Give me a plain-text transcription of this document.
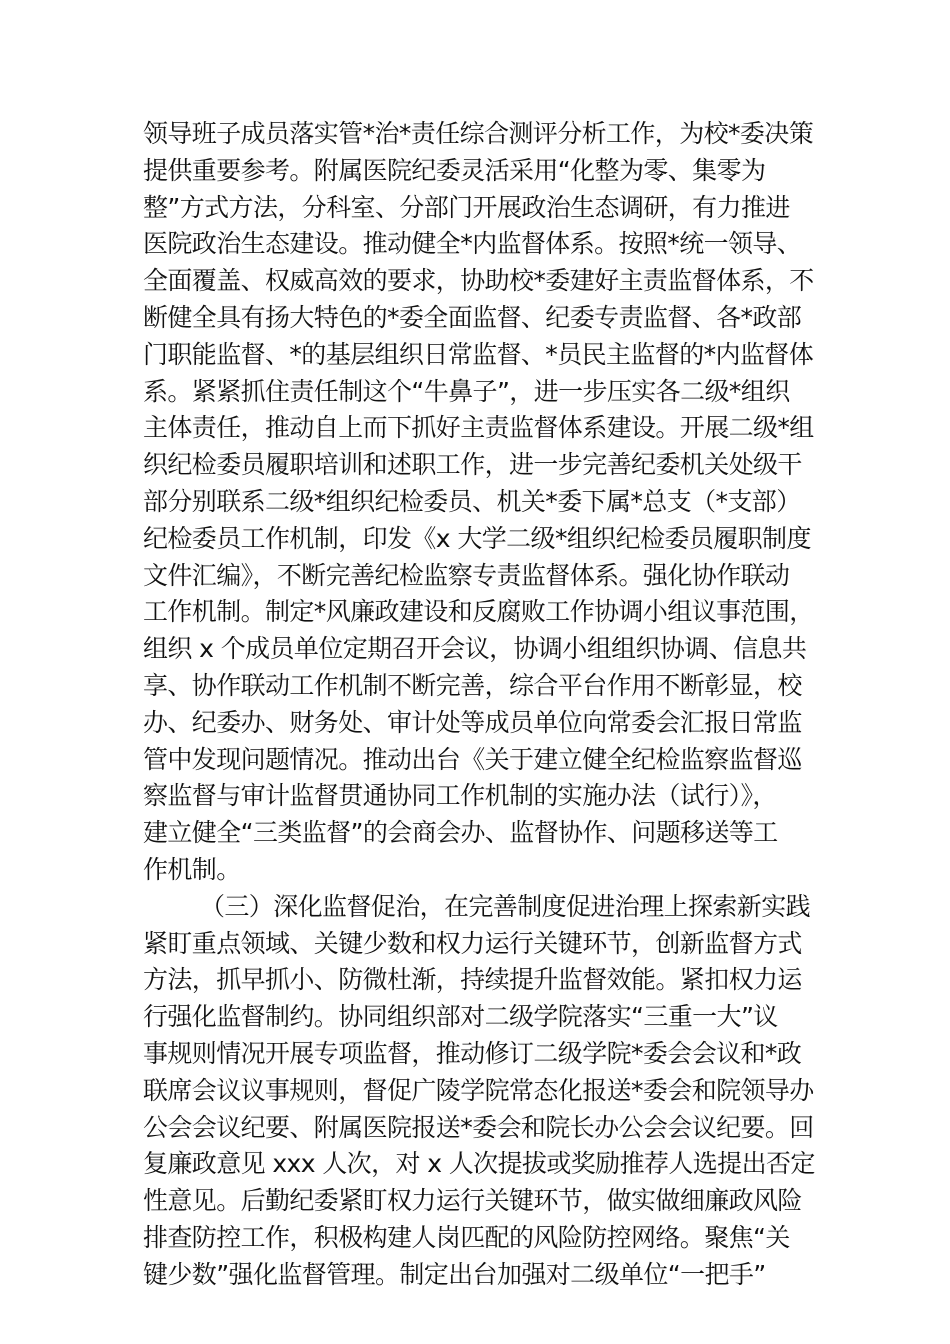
领导班子成员落实管*治*责任综合测评分析工作，为校*委决策
提供重要参考。附属医院纪委灵活采用“化整为零、集零为
整”方式方法，分科室、分部门开展政治生态调研，有力推进
医院政治生态建设。推动健全*内监督体系。按照*统一领导、
全面覆盖、权威高效的要求，协助校*委建好主责监督体系，不
断健全具有扬大特色的*委全面监督、纪委专责监督、各*政部
门职能监督、*的基层组织日常监督、*员民主监督的*内监督体
系。紧紧抓住责任制这个“牛鼻子”，进一步压实各二级*组织
主体责任，推动自上而下抓好主责监督体系建设。开展二级*组
织纪检委员履职培训和述职工作，进一步完善纪委机关处级干
部分别联系二级*组织纪检委员、机关*委下属*总支（*支部）
纪检委员工作机制，印发《x 大学二级*组织纪检委员履职制度
文件汇编》，不断完善纪检监察专责监督体系。强化协作联动
工作机制。制定*风廉政建设和反腐败工作协调小组议事范围，
组织 x 个成员单位定期召开会议，协调小组组织协调、信息共
享、协作联动工作机制不断完善，综合平台作用不断彰显，校
办、纪委办、财务处、审计处等成员单位向常委会汇报日常监
管中发现问题情况。推动出台《关于建立健全纪检监察监督巡
察监督与审计监督贯通协同工作机制的实施办法（试行）》，
建立健全“三类监督”的会商会办、监督协作、问题移送等工
作机制。
（三）深化监督促治，在完善制度促进治理上探索新实践
紧盯重点领域、关键少数和权力运行关键环节，创新监督方式
方法，抓早抓小、防微杜渐，持续提升监督效能。紧扣权力运
行强化监督制约。协同组织部对二级学院落实“三重一大”议
事规则情况开展专项监督，推动修订二级学院*委会会议和*政
联席会议议事规则，督促广陵学院常态化报送*委会和院领导办
公会会议纪要、附属医院报送*委会和院长办公会会议纪要。回
复廉政意见 xxx 人次，对 x 人次提拔或奖励推荐人选提出否定
性意见。后勤纪委紧盯权力运行关键环节，做实做细廉政风险
排查防控工作，积极构建人岗匹配的风险防控网络。聚焦“关
键少数”强化监督管理。制定出台加强对二级单位“一把手”
